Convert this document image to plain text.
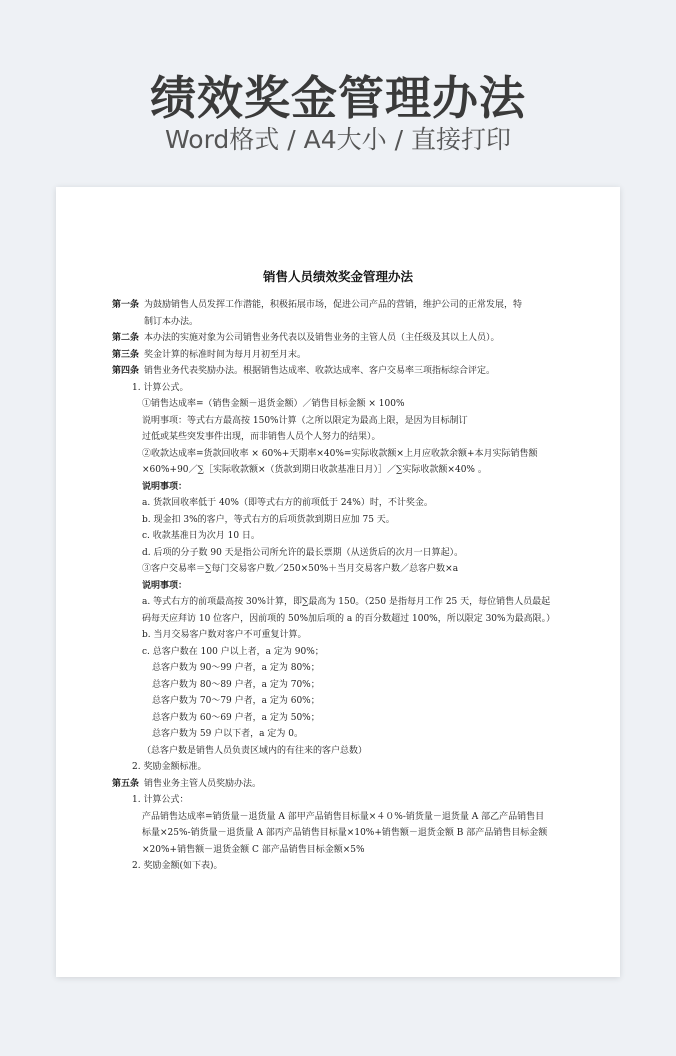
绩效奖金管理办法
Word格式 / A4大小 / 直接打印
销售人员绩效奖金管理办法
第一条 为鼓励销售人员发挥工作潜能，积极拓展市场，促进公司产品的营销，维护公司的正常发展，特
制订本办法。
第二条 本办法的实施对象为公司销售业务代表以及销售业务的主管人员（主任级及其以上人员）。
第三条 奖金计算的标准时间为每月月初至月末。
第四条 销售业务代表奖励办法。根据销售达成率、收款达成率、客户交易率三项指标综合评定。
1. 计算公式。
①销售达成率=（销售金额－退货金额）／销售目标金额 × 100%
说明事项：等式右方最高按 150%计算（之所以限定为最高上限，是因为目标制订
过低或某些突发事件出现，而非销售人员个人努力的结果）。
②收款达成率=货款回收率 × 60%+天期率×40%=实际收款额×上月应收款余额+本月实际销售额
×60%+90／∑［实际收款额×（货款到期日收款基准日月）］／∑实际收款额×40% 。
说明事项：
a. 货款回收率低于 40%（即等式右方的前项低于 24%）时，不计奖金。
b. 现金扣 3%的客户，等式右方的后项货款到期日应加 75 天。
c. 收款基准日为次月 10 日。
d. 后项的分子数 90 天是指公司所允许的最长票期（从送货后的次月一日算起）。
③客户交易率＝∑每门交易客户数／250×50%＋当月交易客户数／总客户数×a
说明事项：
a. 等式右方的前项最高按 30%计算，即∑最高为 150。（250 是指每月工作 25 天，每位销售人员最起
码每天应拜访 10 位客户，因前项的 50%加后项的 a 的百分数超过 100%，所以限定 30%为最高限。）
b. 当月交易客户数对客户不可重复计算。
c. 总客户数在 100 户以上者，a 定为 90%；
总客户数为 90～99 户者，a 定为 80%；
总客户数为 80～89 户者，a 定为 70%；
总客户数为 70～79 户者，a 定为 60%；
总客户数为 60～69 户者，a 定为 50%；
总客户数为 59 户以下者，a 定为 0。
（总客户数是销售人员负责区域内的有往来的客户总数）
2. 奖励金额标准。
第五条 销售业务主管人员奖励办法。
1. 计算公式：
产品销售达成率=销货量－退货量 A 部甲产品销售目标量×４０%-销货量－退货量 A 部乙产品销售目
标量×25%-销货量－退货量 A 部丙产品销售目标量×10%+销售额－退货金额 B 部产品销售目标金额
×20%+销售额－退货金额 C 部产品销售目标金额×5%
2. 奖励金额(如下表)。
